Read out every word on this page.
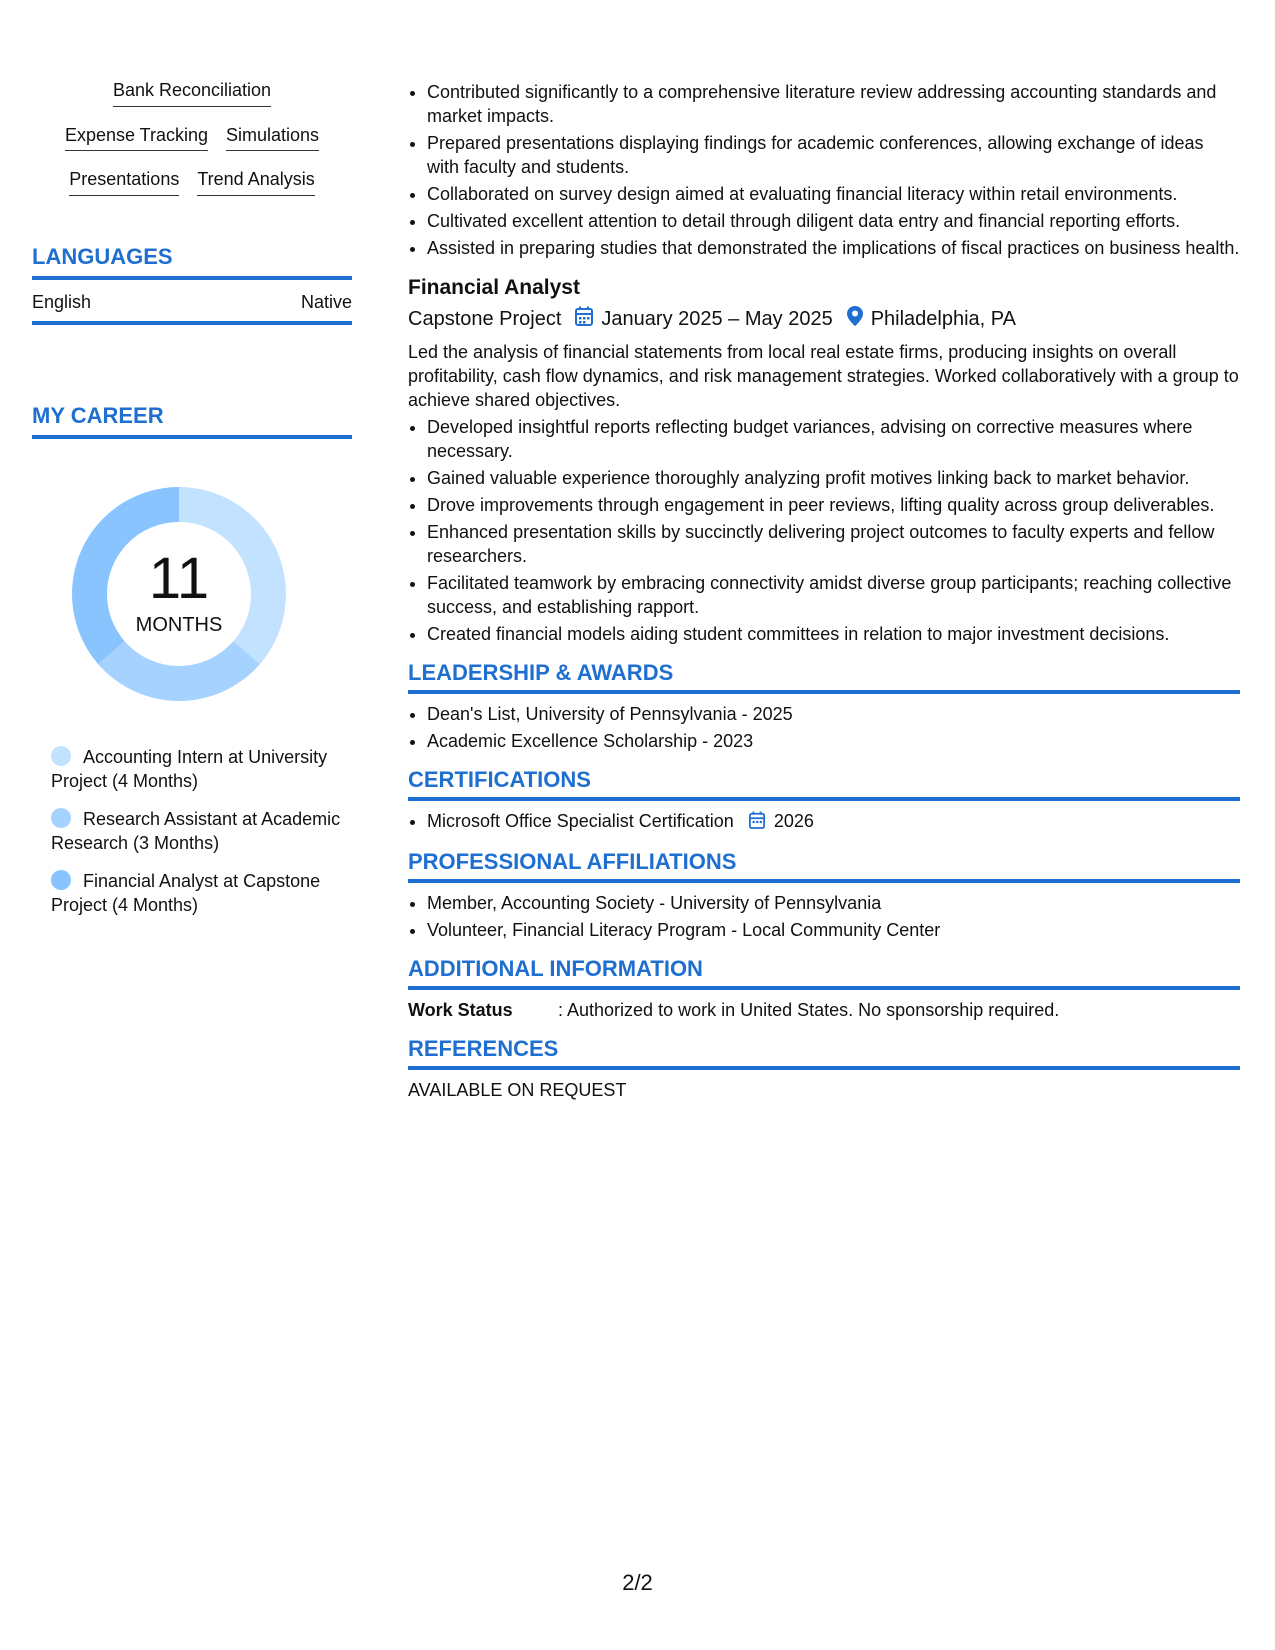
Bank Reconciliation
Expense Tracking Simulations
Presentations Trend Analysis
LANGUAGES
English	Native
MY CAREER
11
MONTHS
Accounting Intern at University Project (4 Months)
Research Assistant at Academic Research (3 Months)
Financial Analyst at Capstone Project (4 Months)
• Contributed significantly to a comprehensive literature review addressing accounting standards and market impacts.
• Prepared presentations displaying findings for academic conferences, allowing exchange of ideas with faculty and students.
• Collaborated on survey design aimed at evaluating financial literacy within retail environments.
• Cultivated excellent attention to detail through diligent data entry and financial reporting efforts.
• Assisted in preparing studies that demonstrated the implications of fiscal practices on business health.
Financial Analyst
Capstone Project January 2025 – May 2025 Philadelphia, PA
Led the analysis of financial statements from local real estate firms, producing insights on overall profitability, cash flow dynamics, and risk management strategies. Worked collaboratively with a group to achieve shared objectives.
• Developed insightful reports reflecting budget variances, advising on corrective measures where necessary.
• Gained valuable experience thoroughly analyzing profit motives linking back to market behavior.
• Drove improvements through engagement in peer reviews, lifting quality across group deliverables.
• Enhanced presentation skills by succinctly delivering project outcomes to faculty experts and fellow researchers.
• Facilitated teamwork by embracing connectivity amidst diverse group participants; reaching collective success, and establishing rapport.
• Created financial models aiding student committees in relation to major investment decisions.
LEADERSHIP & AWARDS
• Dean's List, University of Pennsylvania - 2025
• Academic Excellence Scholarship - 2023
CERTIFICATIONS
• Microsoft Office Specialist Certification 2026
PROFESSIONAL AFFILIATIONS
• Member, Accounting Society - University of Pennsylvania
• Volunteer, Financial Literacy Program - Local Community Center
ADDITIONAL INFORMATION
Work Status	: Authorized to work in United States. No sponsorship required.
REFERENCES
AVAILABLE ON REQUEST
2/2
